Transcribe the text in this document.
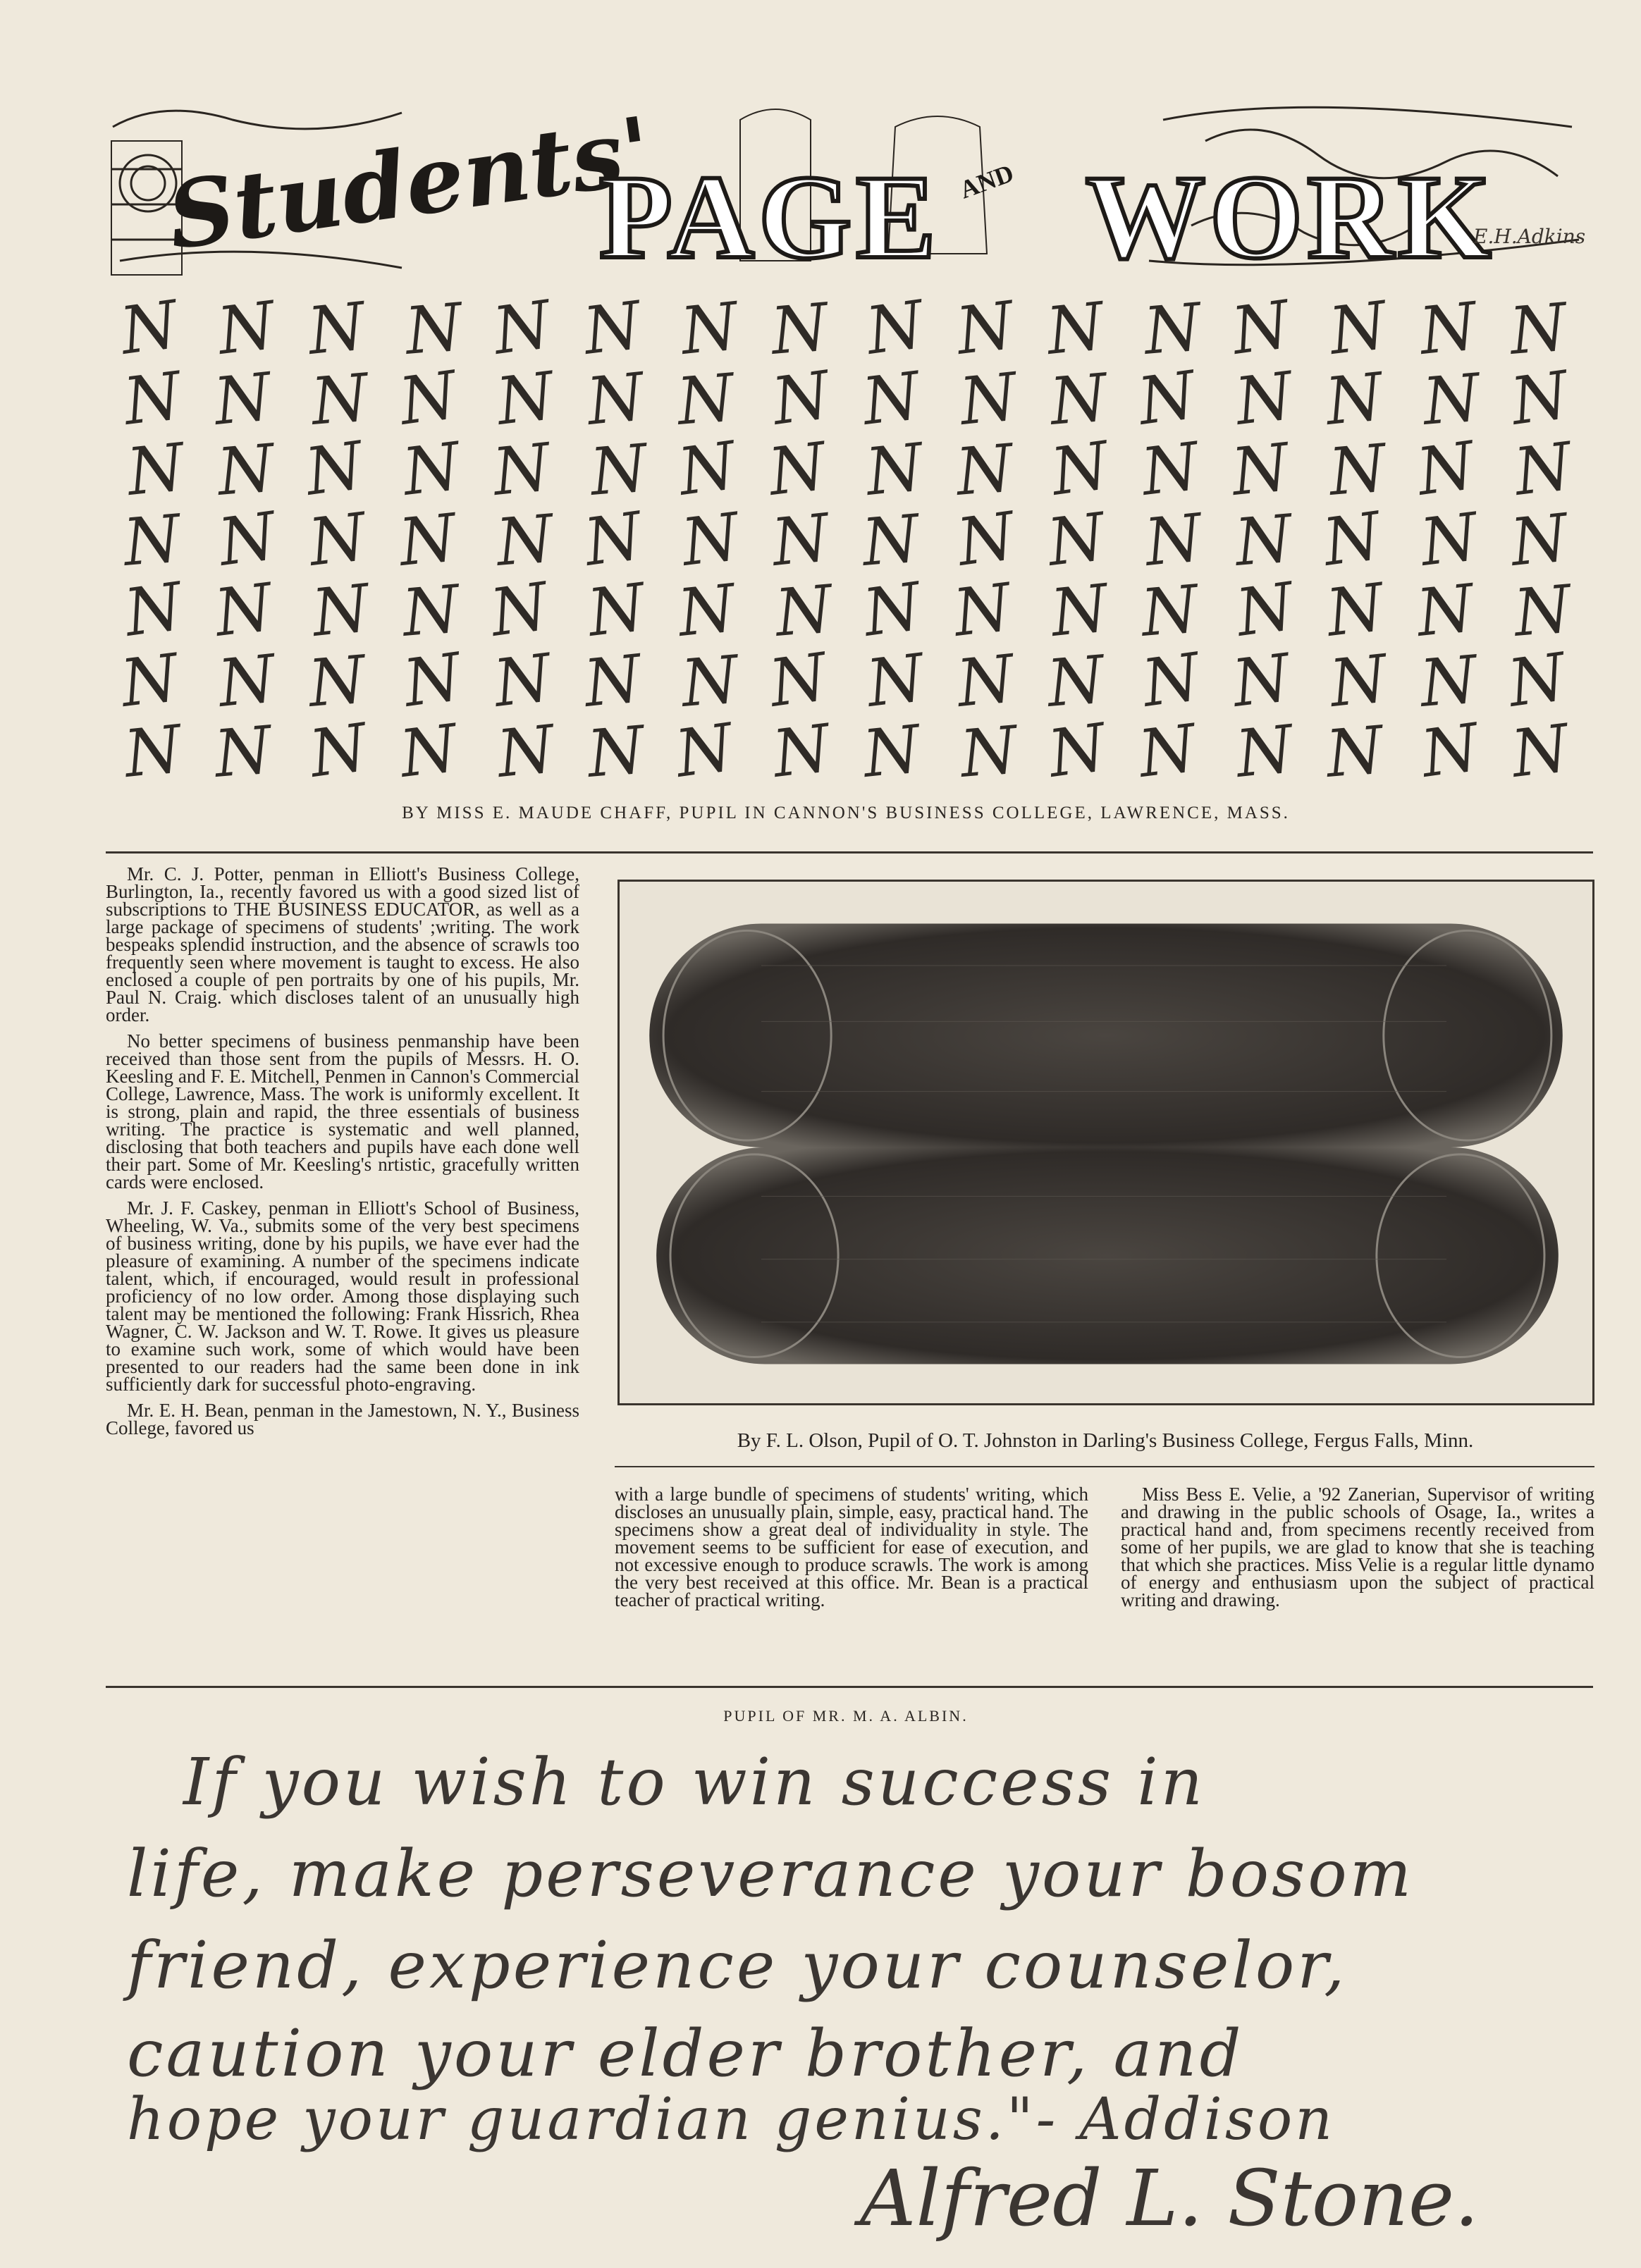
Students'
PAGE AND WORK
E.H.Adkins
N N N N N N N N N N N N N N N N
N N N N N N N N N N N N N N N N
N N N N N N N N N N N N N N N N
N N N N N N N N N N N N N N N N
N N N N N N N N N N N N N N N N
N N N N N N N N N N N N N N N N
N N N N N N N N N N N N N N N N
BY MISS E. MAUDE CHAFF, PUPIL IN CANNON'S BUSINESS COLLEGE, LAWRENCE, MASS.

Mr. C. J. Potter, penman in Elliott's Business College, Burlington, Ia., recently favored us with a good sized list of subscriptions to THE BUSINESS EDUCATOR, as well as a large package of specimens of students' ;writing. The work bespeaks splendid instruction, and the absence of scrawls too frequently seen where movement is taught to excess. He also enclosed a couple of pen portraits by one of his pupils, Mr. Paul N. Craig. which discloses talent of an unusually high order.

No better specimens of business penmanship have been received than those sent from the pupils of Messrs. H. O. Keesling and F. E. Mitchell, Penmen in Cannon's Commercial College, Lawrence, Mass. The work is uniformly excellent. It is strong, plain and rapid, the three essentials of business writing. The practice is systematic and well planned, disclosing that both teachers and pupils have each done well their part. Some of Mr. Keesling's nrtistic, gracefully written cards were enclosed.

Mr. J. F. Caskey, penman in Elliott's School of Business, Wheeling, W. Va., submits some of the very best specimens of business writing, done by his pupils, we have ever had the pleasure of examining. A number of the specimens indicate talent, which, if encouraged, would result in professional proficiency of no low order. Among those displaying such talent may be mentioned the following: Frank Hissrich, Rhea Wagner, C. W. Jackson and W. T. Rowe. It gives us pleasure to examine such work, some of which would have been presented to our readers had the same been done in ink sufficiently dark for successful photo-engraving.

Mr. E. H. Bean, penman in the Jamestown, N. Y., Business College, favored us

By F. L. Olson, Pupil of O. T. Johnston in Darling's Business College, Fergus Falls, Minn.

with a large bundle of specimens of students' writing, which discloses an unusually plain, simple, easy, practical hand. The specimens show a great deal of individuality in style. The movement seems to be sufficient for ease of execution, and not excessive enough to produce scrawls. The work is among the very best received at this office. Mr. Bean is a practical teacher of practical writing.

Miss Bess E. Velie, a '92 Zanerian, Supervisor of writing and drawing in the public schools of Osage, Ia., writes a practical hand and, from specimens recently received from some of her pupils, we are glad to know that she is teaching that which she practices. Miss Velie is a regular little dynamo of energy and enthusiasm upon the subject of practical writing and drawing.

PUPIL OF MR. M. A. ALBIN.
If you wish to win success in
life, make perseverance your bosom
friend, experience your counselor,
caution your elder brother, and
hope your guardian genius."- Addison
Alfred L. Stone.
